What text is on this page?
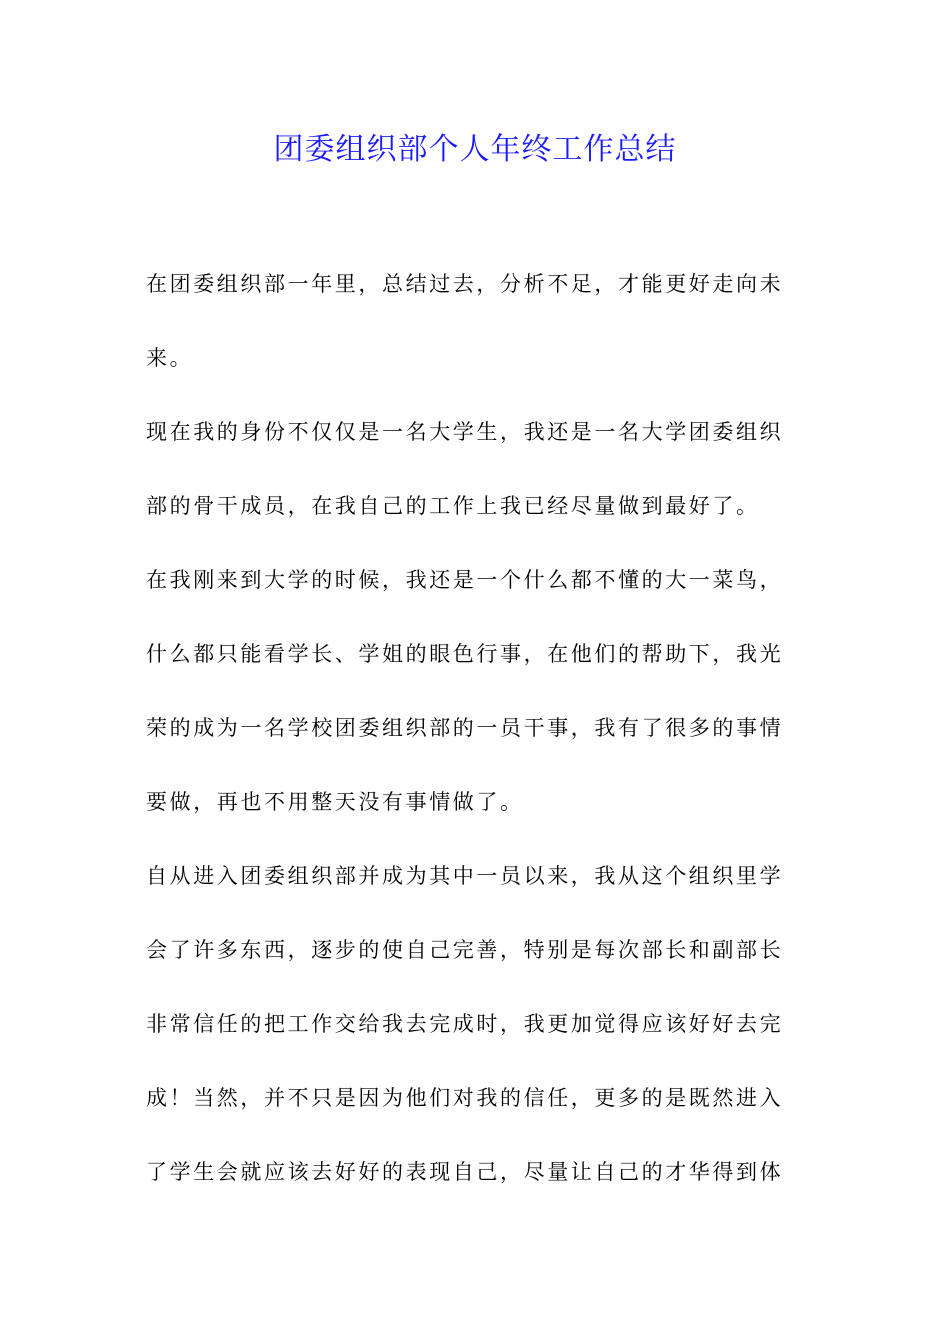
团委组织部个人年终工作总结
在团委组织部一年里，总结过去，分析不足，才能更好走向未
来。
现在我的身份不仅仅是一名大学生，我还是一名大学团委组织
部的骨干成员，在我自己的工作上我已经尽量做到最好了。
在我刚来到大学的时候，我还是一个什么都不懂的大一菜鸟，
什么都只能看学长、学姐的眼色行事，在他们的帮助下，我光
荣的成为一名学校团委组织部的一员干事，我有了很多的事情
要做，再也不用整天没有事情做了。
自从进入团委组织部并成为其中一员以来，我从这个组织里学
会了许多东西，逐步的使自己完善，特别是每次部长和副部长
非常信任的把工作交给我去完成时，我更加觉得应该好好去完
成！当然，并不只是因为他们对我的信任，更多的是既然进入
了学生会就应该去好好的表现自己，尽量让自己的才华得到体
